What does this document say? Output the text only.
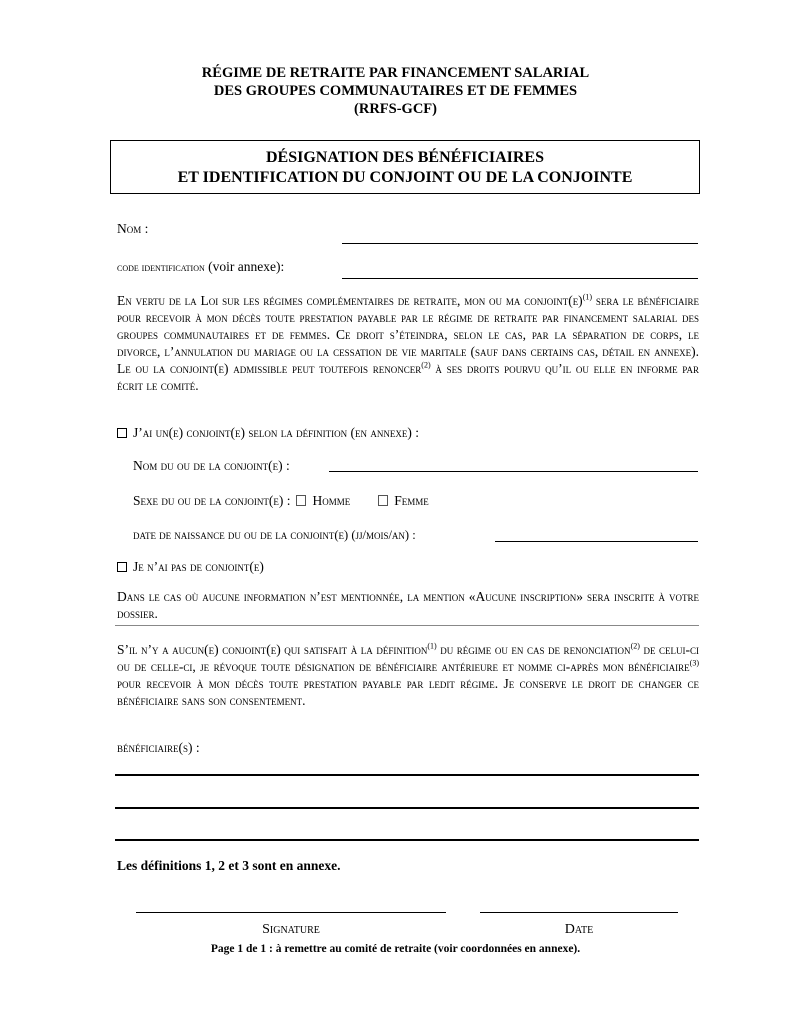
RÉGIME DE RETRAITE PAR FINANCEMENT SALARIAL
DES GROUPES COMMUNAUTAIRES ET DE FEMMES
(RRFS-GCF)
DÉSIGNATION DES BÉNÉFICIAIRES
ET IDENTIFICATION DU CONJOINT OU DE LA CONJOINTE
Nom :
code identification (voir annexe):
En vertu de la Loi sur les régimes complémentaires de retraite, mon ou ma $conjoint(e)^{(1)}$ sera le bénéficiaire pour recevoir à mon décès toute prestation payable par le régime de retraite par financement salarial des groupes communautaires et de femmes. Ce droit s’éteindra, selon le cas, par la séparation de corps, le divorce, l’annulation du mariage ou la cessation de vie maritale (sauf dans certains cas, détail en annexe). Le ou la conjoint(e) admissible peut toutefois renoncer$^{(2)}$ à ses droits pourvu qu’il ou elle en informe par écrit le comité.
J’ai un(e) conjoint(e) selon la définition (en annexe) :
Nom du ou de la conjoint(e) :
Sexe du ou de la conjoint(e) : Homme	Femme
date de naissance du ou de la conjoint(e) (jj/mois/an) :
Je n’ai pas de conjoint(e)
Dans le cas où aucune information n’est mentionnée, la mention «Aucune inscription» sera inscrite à votre dossier.
S’il n’y a aucun(e) conjoint(e) qui satisfait à la définition$^{(1)}$ du régime ou en cas de renonciation$^{(2)}$ de celui-ci ou de celle-ci, je révoque toute désignation de bénéficiaire antérieure et nomme ci-après mon bénéficiaire$^{(3)}$ pour recevoir à mon décès toute prestation payable par ledit régime. Je conserve le droit de changer ce bénéficiaire sans son consentement.
bénéficiaire(s) :
Les définitions 1, 2 et 3 sont en annexe.
Signature	Date
Page 1 de 1 : à remettre au comité de retraite (voir coordonnées en annexe).
